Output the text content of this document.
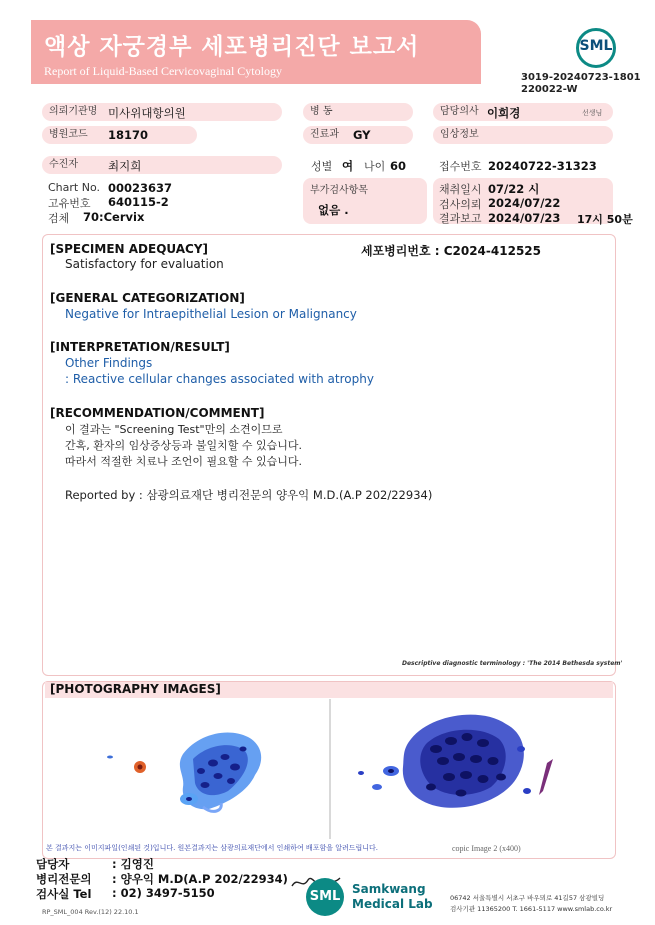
액상 자궁경부 세포병리진단 보고서
Report of Liquid-Based Cervicovaginal Cytology
SML
3019-20240723-1801
220022-W
의뢰기관명 미사위대항의원	병 동	담당의사 이희경	선생님
병원코드	18170	진료과	GY	임상정보
수진자	최지희	성별 여 나이 60	접수번호 20240722-31323
Chart No. 00023637
고유번호 640115-2
검체 70:Cervix
부가검사항목
없음 .
채취일시 07/22 시
검사의뢰 2024/07/22
결과보고 2024/07/23 17시 50분
[SPECIMEN ADEQUACY]
Satisfactory for evaluation
세포병리번호 : C2024-412525
[GENERAL CATEGORIZATION]
Negative for Intraepithelial Lesion or Malignancy
[INTERPRETATION/RESULT]
Other Findings
: Reactive cellular changes associated with atrophy
[RECOMMENDATION/COMMENT]
이 결과는 "Screening Test"만의 소견이므로
간혹, 환자의 임상증상등과 불일치할 수 있습니다.
따라서 적절한 치료나 조언이 필요할 수 있습니다.
Reported by : 삼광의료재단 병리전문의 양우익 M.D.(A.P 202/22934)
Descriptive diagnostic terminology : 'The 2014 Bethesda system'
[PHOTOGRAPHY IMAGES]
본 결과지는 이미지파일(인쇄된 것)입니다. 원본결과지는 삼광의료재단에서 인쇄하여 배포함을 알려드립니다.	copic Image 2 (x400)
담당자	: 김영진
병리전문의 : 양우익 M.D(A.P 202/22934)
검사실 Tel : 02) 3497-5150	SML Samkwang
Medical Lab	06742 서울특별시 서초구 바우뫼로 41길57 삼광빌딩
검사기관 11365200 T. 1661-5117 www.smlab.co.kr
RP_SML_004 Rev.(12) 22.10.1
